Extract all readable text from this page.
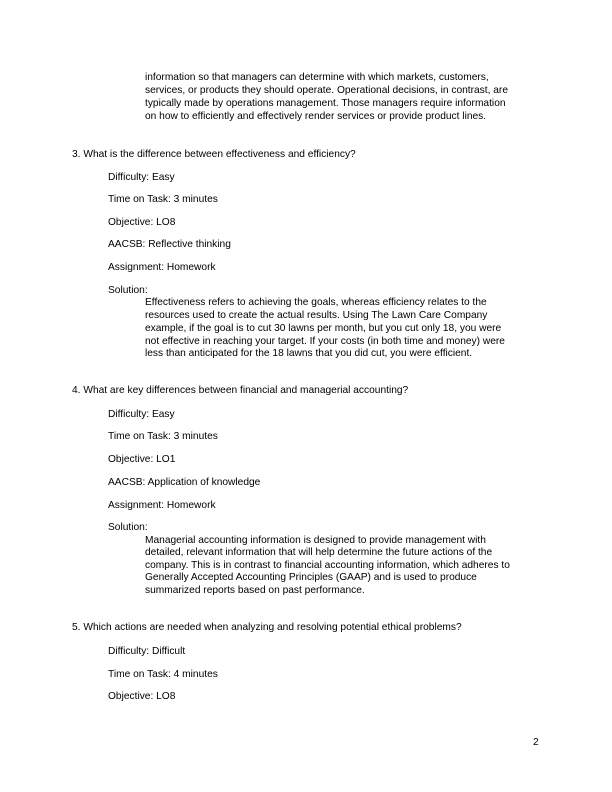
information so that managers can determine with which markets, customers,
services, or products they should operate. Operational decisions, in contrast, are
typically made by operations management. Those managers require information
on how to efficiently and effectively render services or provide product lines.
3. What is the difference between effectiveness and efficiency?
Difficulty: Easy
Time on Task: 3 minutes
Objective: LO8
AACSB: Reflective thinking
Assignment: Homework
Solution:
Effectiveness refers to achieving the goals, whereas efficiency relates to the
resources used to create the actual results. Using The Lawn Care Company
example, if the goal is to cut 30 lawns per month, but you cut only 18, you were
not effective in reaching your target. If your costs (in both time and money) were
less than anticipated for the 18 lawns that you did cut, you were efficient.
4. What are key differences between financial and managerial accounting?
Difficulty: Easy
Time on Task: 3 minutes
Objective: LO1
AACSB: Application of knowledge
Assignment: Homework
Solution:
Managerial accounting information is designed to provide management with
detailed, relevant information that will help determine the future actions of the
company. This is in contrast to financial accounting information, which adheres to
Generally Accepted Accounting Principles (GAAP) and is used to produce
summarized reports based on past performance.
5. Which actions are needed when analyzing and resolving potential ethical problems?
Difficulty: Difficult
Time on Task: 4 minutes
Objective: LO8
2
